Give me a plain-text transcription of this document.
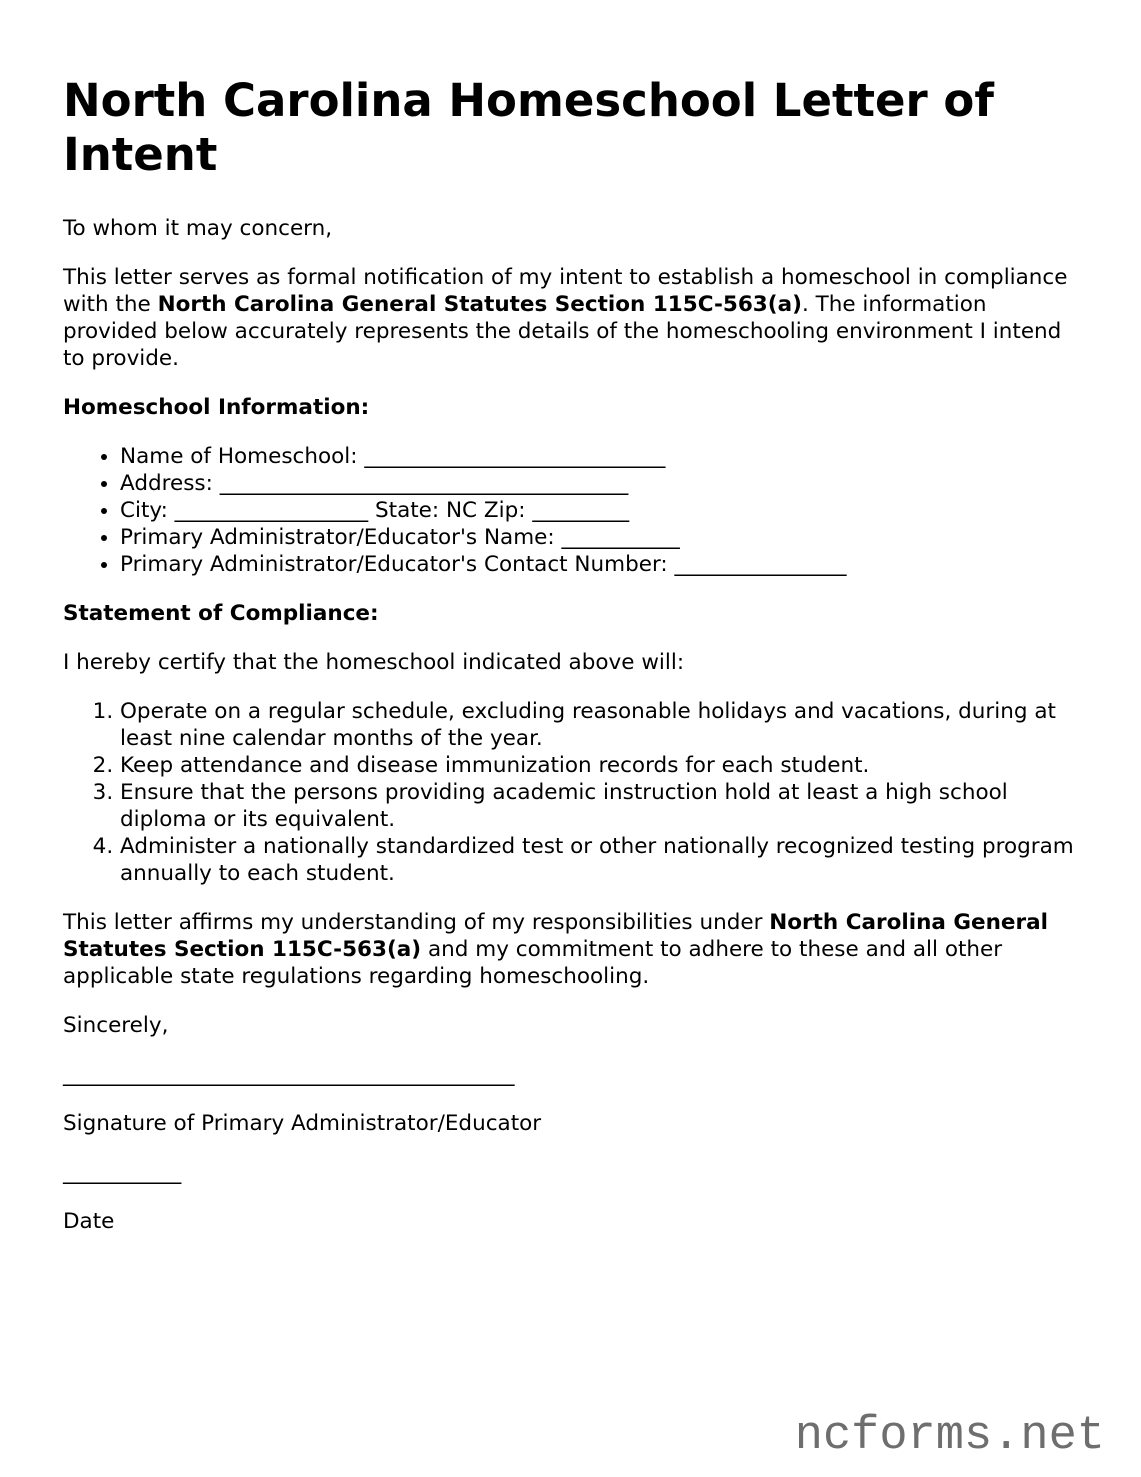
North Carolina Homeschool Letter of Intent

To whom it may concern,

This letter serves as formal notification of my intent to establish a homeschool in compliance with the North Carolina General Statutes Section 115C-563(a). The information provided below accurately represents the details of the homeschooling environment I intend to provide.

Homeschool Information:

• Name of Homeschool: ____________________________
• Address: ______________________________________
• City: __________________ State: NC Zip: _________
• Primary Administrator/Educator's Name: ___________
• Primary Administrator/Educator's Contact Number: ________________

Statement of Compliance:

I hereby certify that the homeschool indicated above will:

1. Operate on a regular schedule, excluding reasonable holidays and vacations, during at least nine calendar months of the year.
2. Keep attendance and disease immunization records for each student.
3. Ensure that the persons providing academic instruction hold at least a high school diploma or its equivalent.
4. Administer a nationally standardized test or other nationally recognized testing program annually to each student.

This letter affirms my understanding of my responsibilities under North Carolina General Statutes Section 115C-563(a) and my commitment to adhere to these and all other applicable state regulations regarding homeschooling.

Sincerely,

__________________________________________

Signature of Primary Administrator/Educator

___________

Date

ncforms.net
